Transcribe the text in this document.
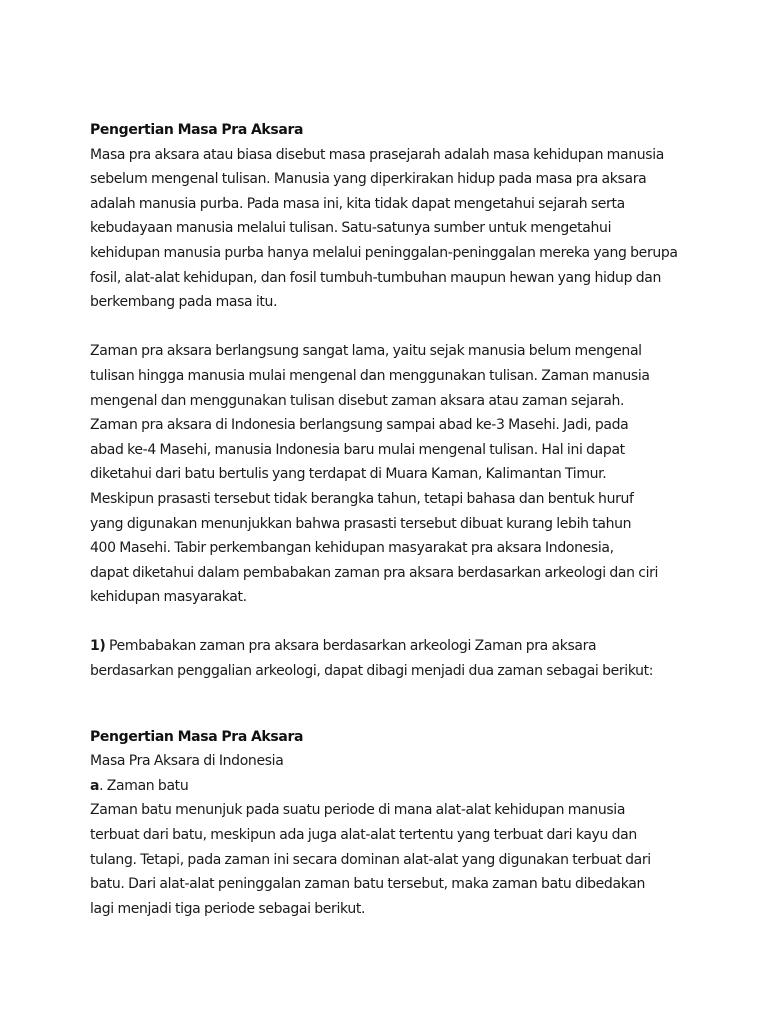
Pengertian Masa Pra Aksara

Masa pra aksara atau biasa disebut masa prasejarah adalah masa kehidupan manusia
sebelum mengenal tulisan. Manusia yang diperkirakan hidup pada masa pra aksara
adalah manusia purba. Pada masa ini, kita tidak dapat mengetahui sejarah serta
kebudayaan manusia melalui tulisan. Satu-satunya sumber untuk mengetahui
kehidupan manusia purba hanya melalui peninggalan-peninggalan mereka yang berupa
fosil, alat-alat kehidupan, dan fosil tumbuh-tumbuhan maupun hewan yang hidup dan
berkembang pada masa itu.

Zaman pra aksara berlangsung sangat lama, yaitu sejak manusia belum mengenal
tulisan hingga manusia mulai mengenal dan menggunakan tulisan. Zaman manusia
mengenal dan menggunakan tulisan disebut zaman aksara atau zaman sejarah.
Zaman pra aksara di Indonesia berlangsung sampai abad ke-3 Masehi. Jadi, pada
abad ke-4 Masehi, manusia Indonesia baru mulai mengenal tulisan. Hal ini dapat
diketahui dari batu bertulis yang terdapat di Muara Kaman, Kalimantan Timur.
Meskipun prasasti tersebut tidak berangka tahun, tetapi bahasa dan bentuk huruf
yang digunakan menunjukkan bahwa prasasti tersebut dibuat kurang lebih tahun
400 Masehi. Tabir perkembangan kehidupan masyarakat pra aksara Indonesia,
dapat diketahui dalam pembabakan zaman pra aksara berdasarkan arkeologi dan ciri
kehidupan masyarakat.

1) Pembabakan zaman pra aksara berdasarkan arkeologi Zaman pra aksara
berdasarkan penggalian arkeologi, dapat dibagi menjadi dua zaman sebagai berikut:

Pengertian Masa Pra Aksara

Masa Pra Aksara di Indonesia

a. Zaman batu

Zaman batu menunjuk pada suatu periode di mana alat-alat kehidupan manusia
terbuat dari batu, meskipun ada juga alat-alat tertentu yang terbuat dari kayu dan
tulang. Tetapi, pada zaman ini secara dominan alat-alat yang digunakan terbuat dari
batu. Dari alat-alat peninggalan zaman batu tersebut, maka zaman batu dibedakan
lagi menjadi tiga periode sebagai berikut.
